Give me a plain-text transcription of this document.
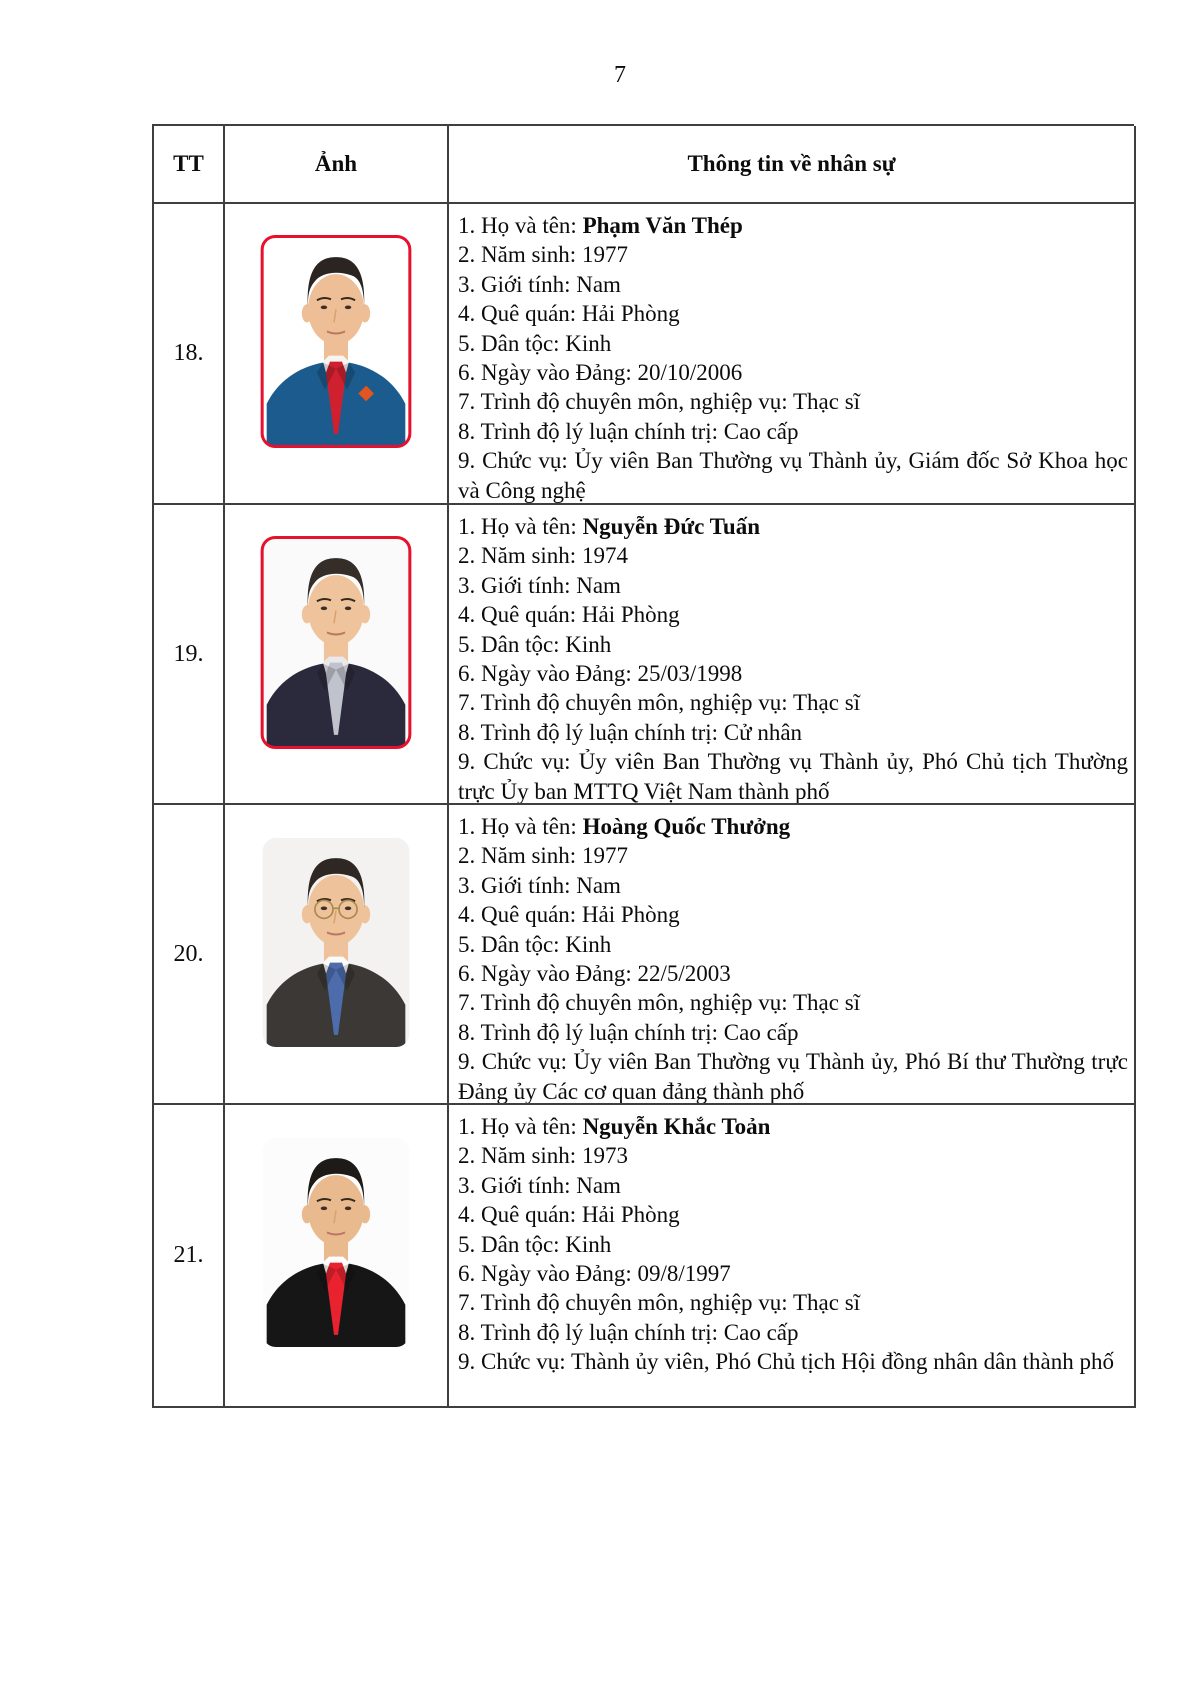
7
TT	Ảnh	Thông tin về nhân sự
18.
1. Họ và tên: Phạm Văn Thép
2. Năm sinh: 1977
3. Giới tính: Nam
4. Quê quán: Hải Phòng
5. Dân tộc: Kinh
6. Ngày vào Đảng: 20/10/2006
7. Trình độ chuyên môn, nghiệp vụ: Thạc sĩ
8. Trình độ lý luận chính trị: Cao cấp
9. Chức vụ: Ủy viên Ban Thường vụ Thành ủy, Giám đốc Sở Khoa học và Công nghệ
19.
1. Họ và tên: Nguyễn Đức Tuấn
2. Năm sinh: 1974
3. Giới tính: Nam
4. Quê quán: Hải Phòng
5. Dân tộc: Kinh
6. Ngày vào Đảng: 25/03/1998
7. Trình độ chuyên môn, nghiệp vụ: Thạc sĩ
8. Trình độ lý luận chính trị: Cử nhân
9. Chức vụ: Ủy viên Ban Thường vụ Thành ủy, Phó Chủ tịch Thường trực Ủy ban MTTQ Việt Nam thành phố
20.
1. Họ và tên: Hoàng Quốc Thưởng
2. Năm sinh: 1977
3. Giới tính: Nam
4. Quê quán: Hải Phòng
5. Dân tộc: Kinh
6. Ngày vào Đảng: 22/5/2003
7. Trình độ chuyên môn, nghiệp vụ: Thạc sĩ
8. Trình độ lý luận chính trị: Cao cấp
9. Chức vụ: Ủy viên Ban Thường vụ Thành ủy, Phó Bí thư Thường trực Đảng ủy Các cơ quan đảng thành phố
21.
1. Họ và tên: Nguyễn Khắc Toản
2. Năm sinh: 1973
3. Giới tính: Nam
4. Quê quán: Hải Phòng
5. Dân tộc: Kinh
6. Ngày vào Đảng: 09/8/1997
7. Trình độ chuyên môn, nghiệp vụ: Thạc sĩ
8. Trình độ lý luận chính trị: Cao cấp
9. Chức vụ: Thành ủy viên, Phó Chủ tịch Hội đồng nhân dân thành phố
